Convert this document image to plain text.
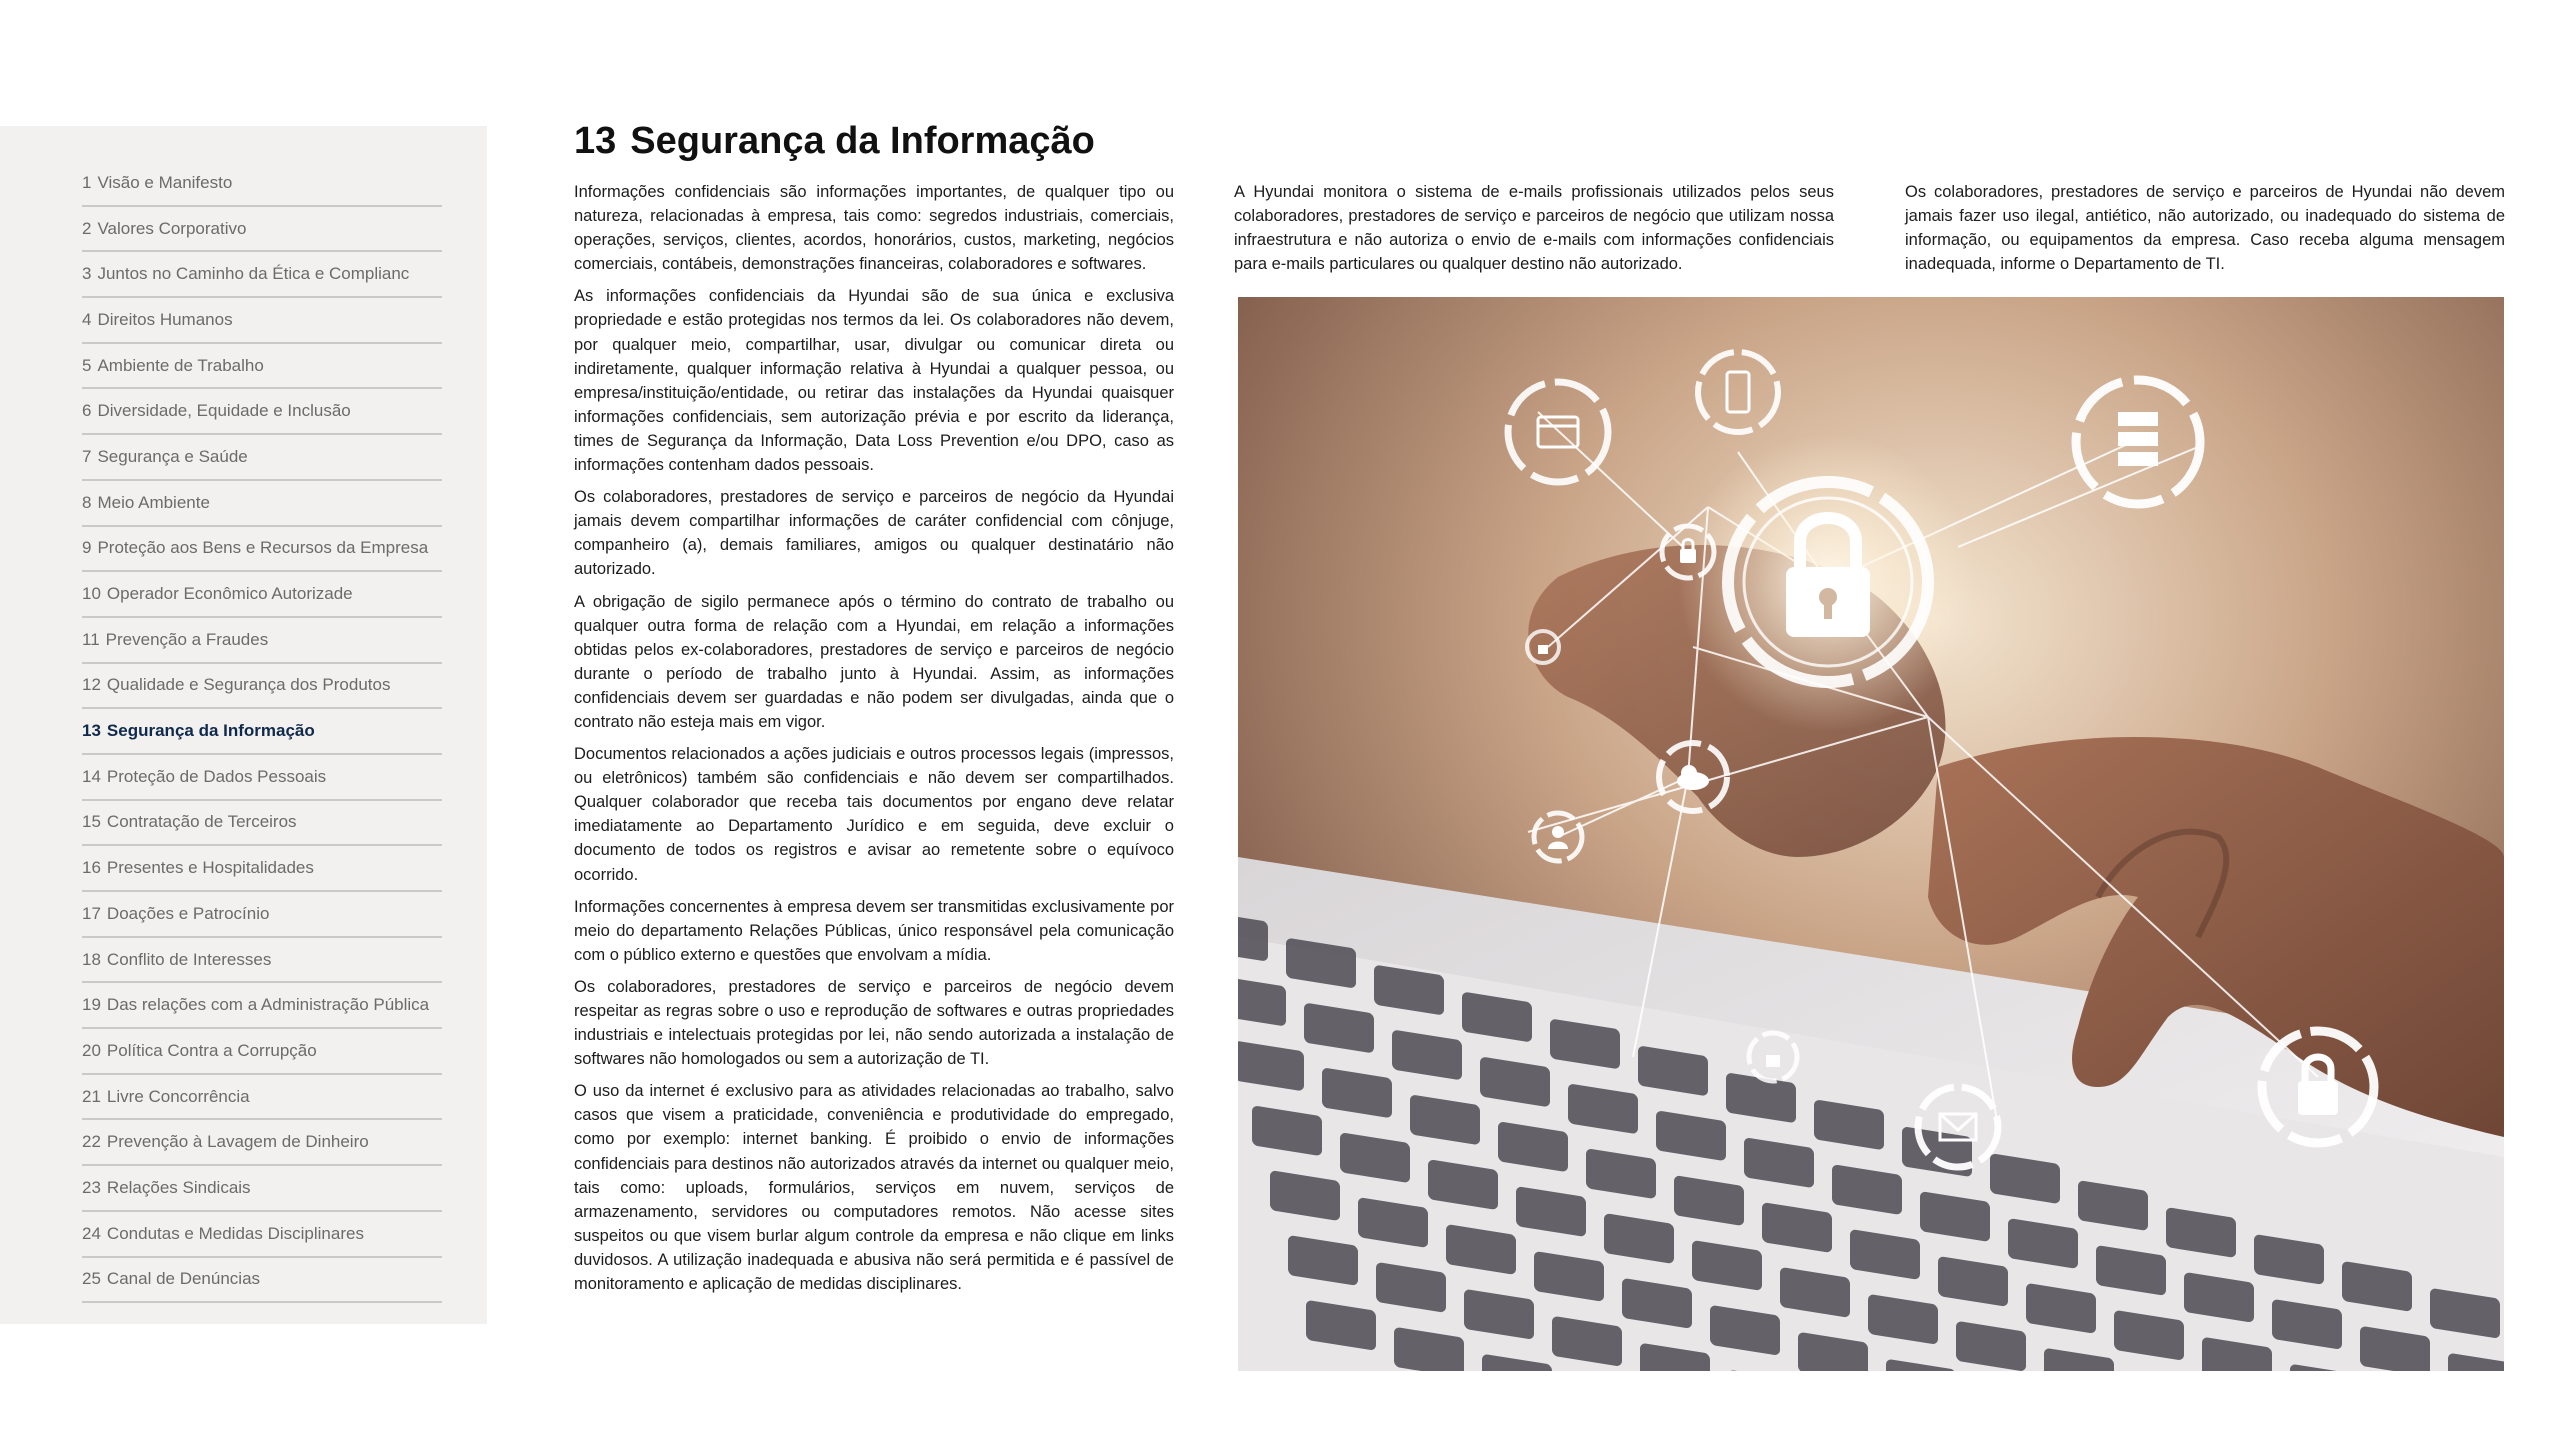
1 Visão e Manifesto
2 Valores Corporativo
3 Juntos no Caminho da Ética e Complianc
4 Direitos Humanos
5 Ambiente de Trabalho
6 Diversidade, Equidade e Inclusão
7 Segurança e Saúde
8 Meio Ambiente
9 Proteção aos Bens e Recursos da Empresa
10 Operador Econômico Autorizade
11 Prevenção a Fraudes
12 Qualidade e Segurança dos Produtos
13 Segurança da Informação
14 Proteção de Dados Pessoais
15 Contratação de Terceiros
16 Presentes e Hospitalidades
17 Doações e Patrocínio
18 Conflito de Interesses
19 Das relações com a Administração Pública
20 Política Contra a Corrupção
21 Livre Concorrência
22 Prevenção à Lavagem de Dinheiro
23 Relações Sindicais
24 Condutas e Medidas Disciplinares
25 Canal de Denúncias
13 Segurança da Informação

Informações confidenciais são informações importantes, de qualquer tipo ou natureza, relacionadas à empresa, tais como: segredos industriais, comerciais, operações, serviços, clientes, acordos, honorários, custos, marketing, negócios comerciais, contábeis, demonstrações financeiras, colaboradores e softwares.

As informações confidenciais da Hyundai são de sua única e exclusiva propriedade e estão protegidas nos termos da lei. Os colaboradores não devem, por qualquer meio, compartilhar, usar, divulgar ou comunicar direta ou indiretamente, qualquer informação relativa à Hyundai a qualquer pessoa, ou empresa/instituição/entidade, ou retirar das instalações da Hyundai quaisquer informações confidenciais, sem autorização prévia e por escrito da liderança, times de Segurança da Informação, Data Loss Prevention e/ou DPO, caso as informações contenham dados pessoais.

Os colaboradores, prestadores de serviço e parceiros de negócio da Hyundai jamais devem compartilhar informações de caráter confidencial com cônjuge, companheiro (a), demais familiares, amigos ou qualquer destinatário não autorizado.

A obrigação de sigilo permanece após o término do contrato de trabalho ou qualquer outra forma de relação com a Hyundai, em relação a informações obtidas pelos ex-colaboradores, prestadores de serviço e parceiros de negócio durante o período de trabalho junto à Hyundai. Assim, as informações confidenciais devem ser guardadas e não podem ser divulgadas, ainda que o contrato não esteja mais em vigor.

Documentos relacionados a ações judiciais e outros processos legais (impressos, ou eletrônicos) também são confidenciais e não devem ser compartilhados. Qualquer colaborador que receba tais documentos por engano deve relatar imediatamente ao Departamento Jurídico e em seguida, deve excluir o documento de todos os registros e avisar ao remetente sobre o equívoco ocorrido.

Informações concernentes à empresa devem ser transmitidas exclusivamente por meio do departamento Relações Públicas, único responsável pela comunicação com o público externo e questões que envolvam a mídia.

Os colaboradores, prestadores de serviço e parceiros de negócio devem respeitar as regras sobre o uso e reprodução de softwares e outras propriedades industriais e intelectuais protegidas por lei, não sendo autorizada a instalação de softwares não homologados ou sem a autorização de TI.

O uso da internet é exclusivo para as atividades relacionadas ao trabalho, salvo casos que visem a praticidade, conveniência e produtividade do empregado, como por exemplo: internet banking. É proibido o envio de informações confidenciais para destinos não autorizados através da internet ou qualquer meio, tais como: uploads, formulários, serviços em nuvem, serviços de armazenamento, servidores ou computadores remotos. Não acesse sites suspeitos ou que visem burlar algum controle da empresa e não clique em links duvidosos. A utilização inadequada e abusiva não será permitida e é passível de monitoramento e aplicação de medidas disciplinares.

A Hyundai monitora o sistema de e-mails profissionais utilizados pelos seus colaboradores, prestadores de serviço e parceiros de negócio que utilizam nossa infraestrutura e não autoriza o envio de e-mails com informações confidenciais para e-mails particulares ou qualquer destino não autorizado.

Os colaboradores, prestadores de serviço e parceiros de Hyundai não devem jamais fazer uso ilegal, antiético, não autorizado, ou inadequado do sistema de informação, ou equipamentos da empresa. Caso receba alguma mensagem inadequada, informe o Departamento de TI.
